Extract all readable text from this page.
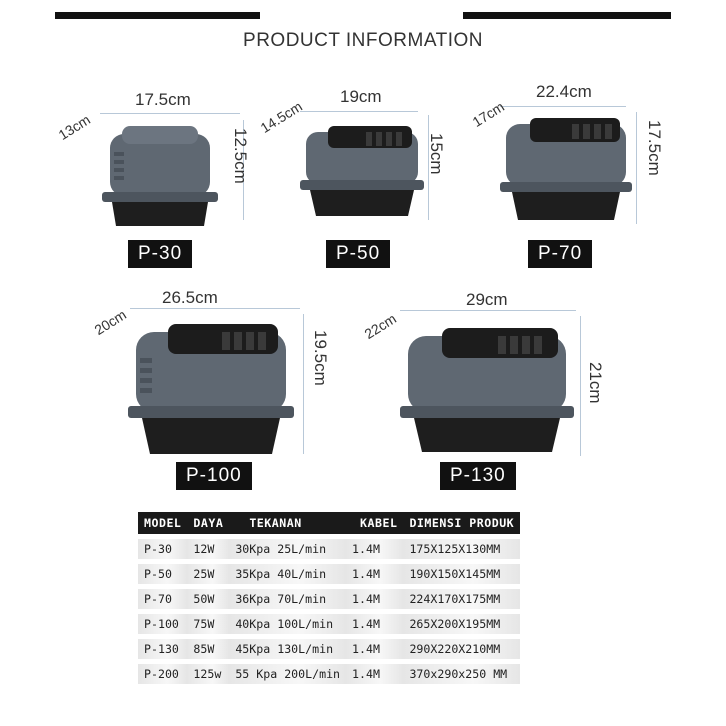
PRODUCT INFORMATION
17.5cm
13cm
12.5cm
P-30
19cm
14.5cm
15cm
P-50
22.4cm
17cm
17.5cm
P-70
26.5cm
20cm
19.5cm
P-100
29cm
22cm
21cm
P-130
MODEL	DAYA	TEKANAN	KABEL	DIMENSI PRODUK
P-30	12W	30Kpa 25L/min	1.4M	175X125X130MM
P-50	25W	35Kpa 40L/min	1.4M	190X150X145MM
P-70	50W	36Kpa 70L/min	1.4M	224X170X175MM
P-100	75W	40Kpa 100L/min	1.4M	265X200X195MM
P-130	85W	45Kpa 130L/min	1.4M	290X220X210MM
P-200	125w	55 Kpa 200L/min	1.4M	370x290x250 MM
